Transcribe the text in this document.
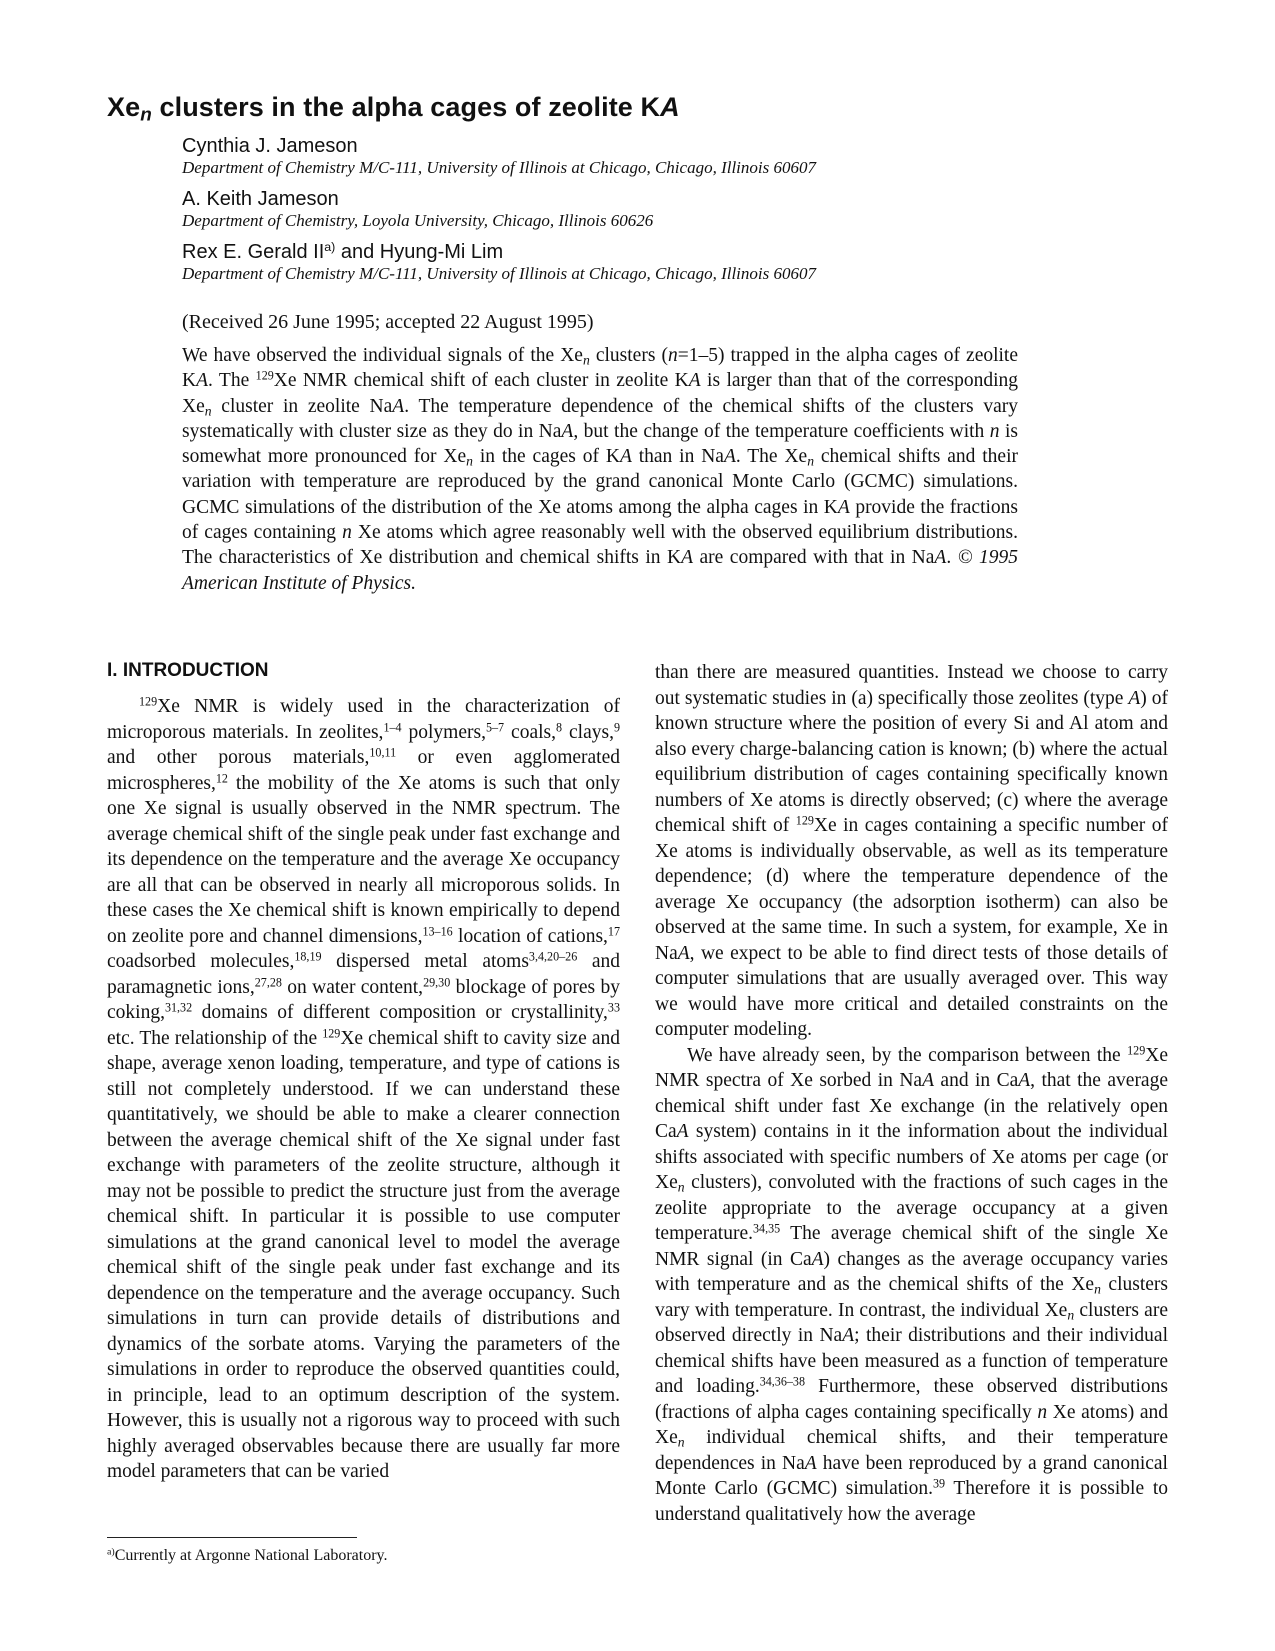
$Xe_n$ clusters in the alpha cages of zeolite KA

Cynthia J. Jameson

Department of Chemistry M/C-111, University of Illinois at Chicago, Chicago, Illinois 60607

A. Keith Jameson

Department of Chemistry, Loyola University, Chicago, Illinois 60626

Rex E. Gerald II$^{a)}$ and Hyung-Mi Lim

Department of Chemistry M/C-111, University of Illinois at Chicago, Chicago, Illinois 60607

(Received 26 June 1995; accepted 22 August 1995)

We have observed the individual signals of the $Xe_n$ clusters (n=1–5) trapped in the alpha cages of zeolite KA. The $^{129}$Xe NMR chemical shift of each cluster in zeolite KA is larger than that of the corresponding $Xe_n$ cluster in zeolite NaA. The temperature dependence of the chemical shifts of the clusters vary systematically with cluster size as they do in NaA, but the change of the temperature coefficients with n is somewhat more pronounced for $Xe_n$ in the cages of KA than in NaA. The $Xe_n$ chemical shifts and their variation with temperature are reproduced by the grand canonical Monte Carlo (GCMC) simulations. GCMC simulations of the distribution of the Xe atoms among the alpha cages in KA provide the fractions of cages containing n Xe atoms which agree reasonably well with the observed equilibrium distributions. The characteristics of Xe distribution and chemical shifts in KA are compared with that in NaA. © 1995 American Institute of Physics.

I. INTRODUCTION

$^{129}$Xe NMR is widely used in the characterization of microporous materials. In zeolites,$^{1-4}$ polymers,$^{5-7}$ coals,$^8$ clays,$^9$ and other porous materials,$^{10,11}$ or even agglomerated microspheres,$^{12}$ the mobility of the Xe atoms is such that only one Xe signal is usually observed in the NMR spectrum. The average chemical shift of the single peak under fast exchange and its dependence on the temperature and the average Xe occupancy are all that can be observed in nearly all microporous solids. In these cases the Xe chemical shift is known empirically to depend on zeolite pore and channel dimensions,$^{13-16}$ location of cations,$^{17}$ coadsorbed molecules,$^{18,19}$ dispersed metal atoms$^{3,4,20-26}$ and paramagnetic ions,$^{27,28}$ on water content,$^{29,30}$ blockage of pores by coking,$^{31,32}$ domains of different composition or crystallinity,$^{33}$ etc. The relationship of the $^{129}$Xe chemical shift to cavity size and shape, average xenon loading, temperature, and type of cations is still not completely understood. If we can understand these quantitatively, we should be able to make a clearer connection between the average chemical shift of the Xe signal under fast exchange with parameters of the zeolite structure, although it may not be possible to predict the structure just from the average chemical shift. In particular it is possible to use computer simulations at the grand canonical level to model the average chemical shift of the single peak under fast exchange and its dependence on the temperature and the average occupancy. Such simulations in turn can provide details of distributions and dynamics of the sorbate atoms. Varying the parameters of the simulations in order to reproduce the observed quantities could, in principle, lead to an optimum description of the system. However, this is usually not a rigorous way to proceed with such highly averaged observables because there are usually far more model parameters that can be varied

than there are measured quantities. Instead we choose to carry out systematic studies in (a) specifically those zeolites (type A) of known structure where the position of every Si and Al atom and also every charge-balancing cation is known; (b) where the actual equilibrium distribution of cages containing specifically known numbers of Xe atoms is directly observed; (c) where the average chemical shift of $^{129}$Xe in cages containing a specific number of Xe atoms is individually observable, as well as its temperature dependence; (d) where the temperature dependence of the average Xe occupancy (the adsorption isotherm) can also be observed at the same time. In such a system, for example, Xe in NaA, we expect to be able to find direct tests of those details of computer simulations that are usually averaged over. This way we would have more critical and detailed constraints on the computer modeling.

We have already seen, by the comparison between the $^{129}$Xe NMR spectra of Xe sorbed in NaA and in CaA, that the average chemical shift under fast Xe exchange (in the relatively open CaA system) contains in it the information about the individual shifts associated with specific numbers of Xe atoms per cage (or $Xe_n$ clusters), convoluted with the fractions of such cages in the zeolite appropriate to the average occupancy at a given temperature.$^{34,35}$ The average chemical shift of the single Xe NMR signal (in CaA) changes as the average occupancy varies with temperature and as the chemical shifts of the $Xe_n$ clusters vary with temperature. In contrast, the individual $Xe_n$ clusters are observed directly in NaA; their distributions and their individual chemical shifts have been measured as a function of temperature and loading.$^{34,36-38}$ Furthermore, these observed distributions (fractions of alpha cages containing specifically n Xe atoms) and $Xe_n$ individual chemical shifts, and their temperature dependences in NaA have been reproduced by a grand canonical Monte Carlo (GCMC) simulation.$^{39}$ Therefore it is possible to understand qualitatively how the average

$^{a)}$Currently at Argonne National Laboratory.
